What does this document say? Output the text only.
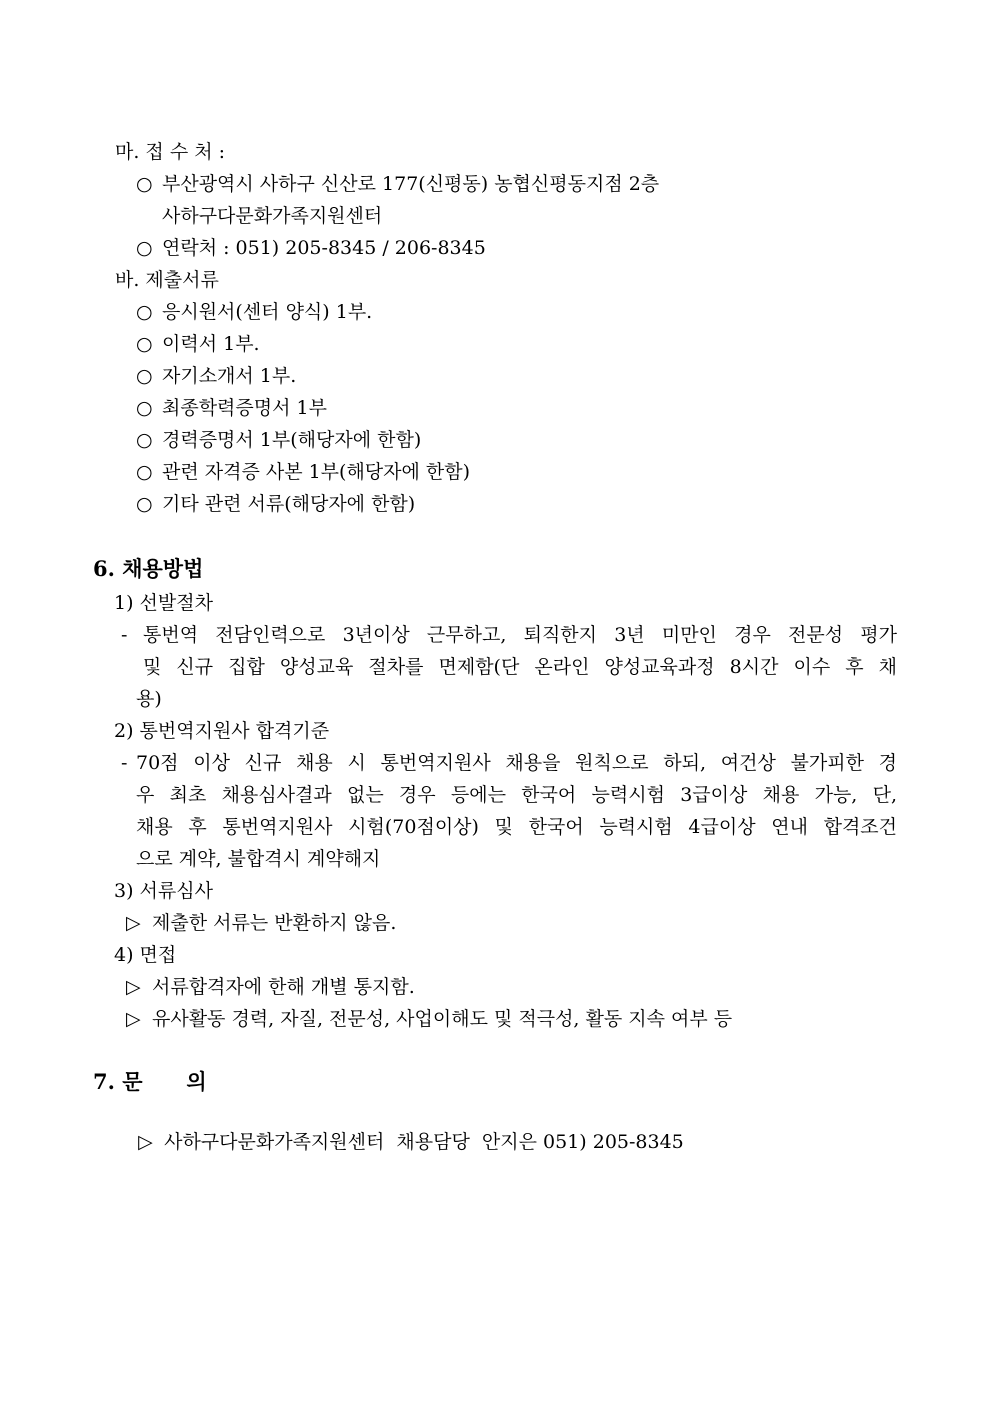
마. 접 수 처 :
○ 부산광역시 사하구 신산로 177(신평동) 농협신평동지점 2층
사하구다문화가족지원센터
○ 연락처 : 051) 205-8345 / 206-8345
바. 제출서류
○ 응시원서(센터 양식) 1부.
○ 이력서 1부.
○ 자기소개서 1부.
○ 최종학력증명서 1부
○ 경력증명서 1부(해당자에 한함)
○ 관련 자격증 사본 1부(해당자에 한함)
○ 기타 관련 서류(해당자에 한함)
6. 채용방법
1) 선발절차
- 통번역 전담인력으로 3년이상 근무하고, 퇴직한지 3년 미만인 경우 전문성 평가
및 신규 집합 양성교육 절차를 면제함(단 온라인 양성교육과정 8시간 이수 후 채
용)
2) 통번역지원사 합격기준
- 70점 이상 신규 채용 시 통번역지원사 채용을 원칙으로 하되, 여건상 불가피한 경
우 최초 채용심사결과 없는 경우 등에는 한국어 능력시험 3급이상 채용 가능, 단,
채용 후 통번역지원사 시험(70점이상) 및 한국어 능력시험 4급이상 연내 합격조건
으로 계약, 불합격시 계약해지
3) 서류심사
▷ 제출한 서류는 반환하지 않음.
4) 면접
▷ 서류합격자에 한해 개별 통지함.
▷ 유사활동 경력, 자질, 전문성, 사업이해도 및 적극성, 활동 지속 여부 등
7. 문      의

▷ 사하구다문화가족지원센터  채용담당  안지은 051) 205-8345
